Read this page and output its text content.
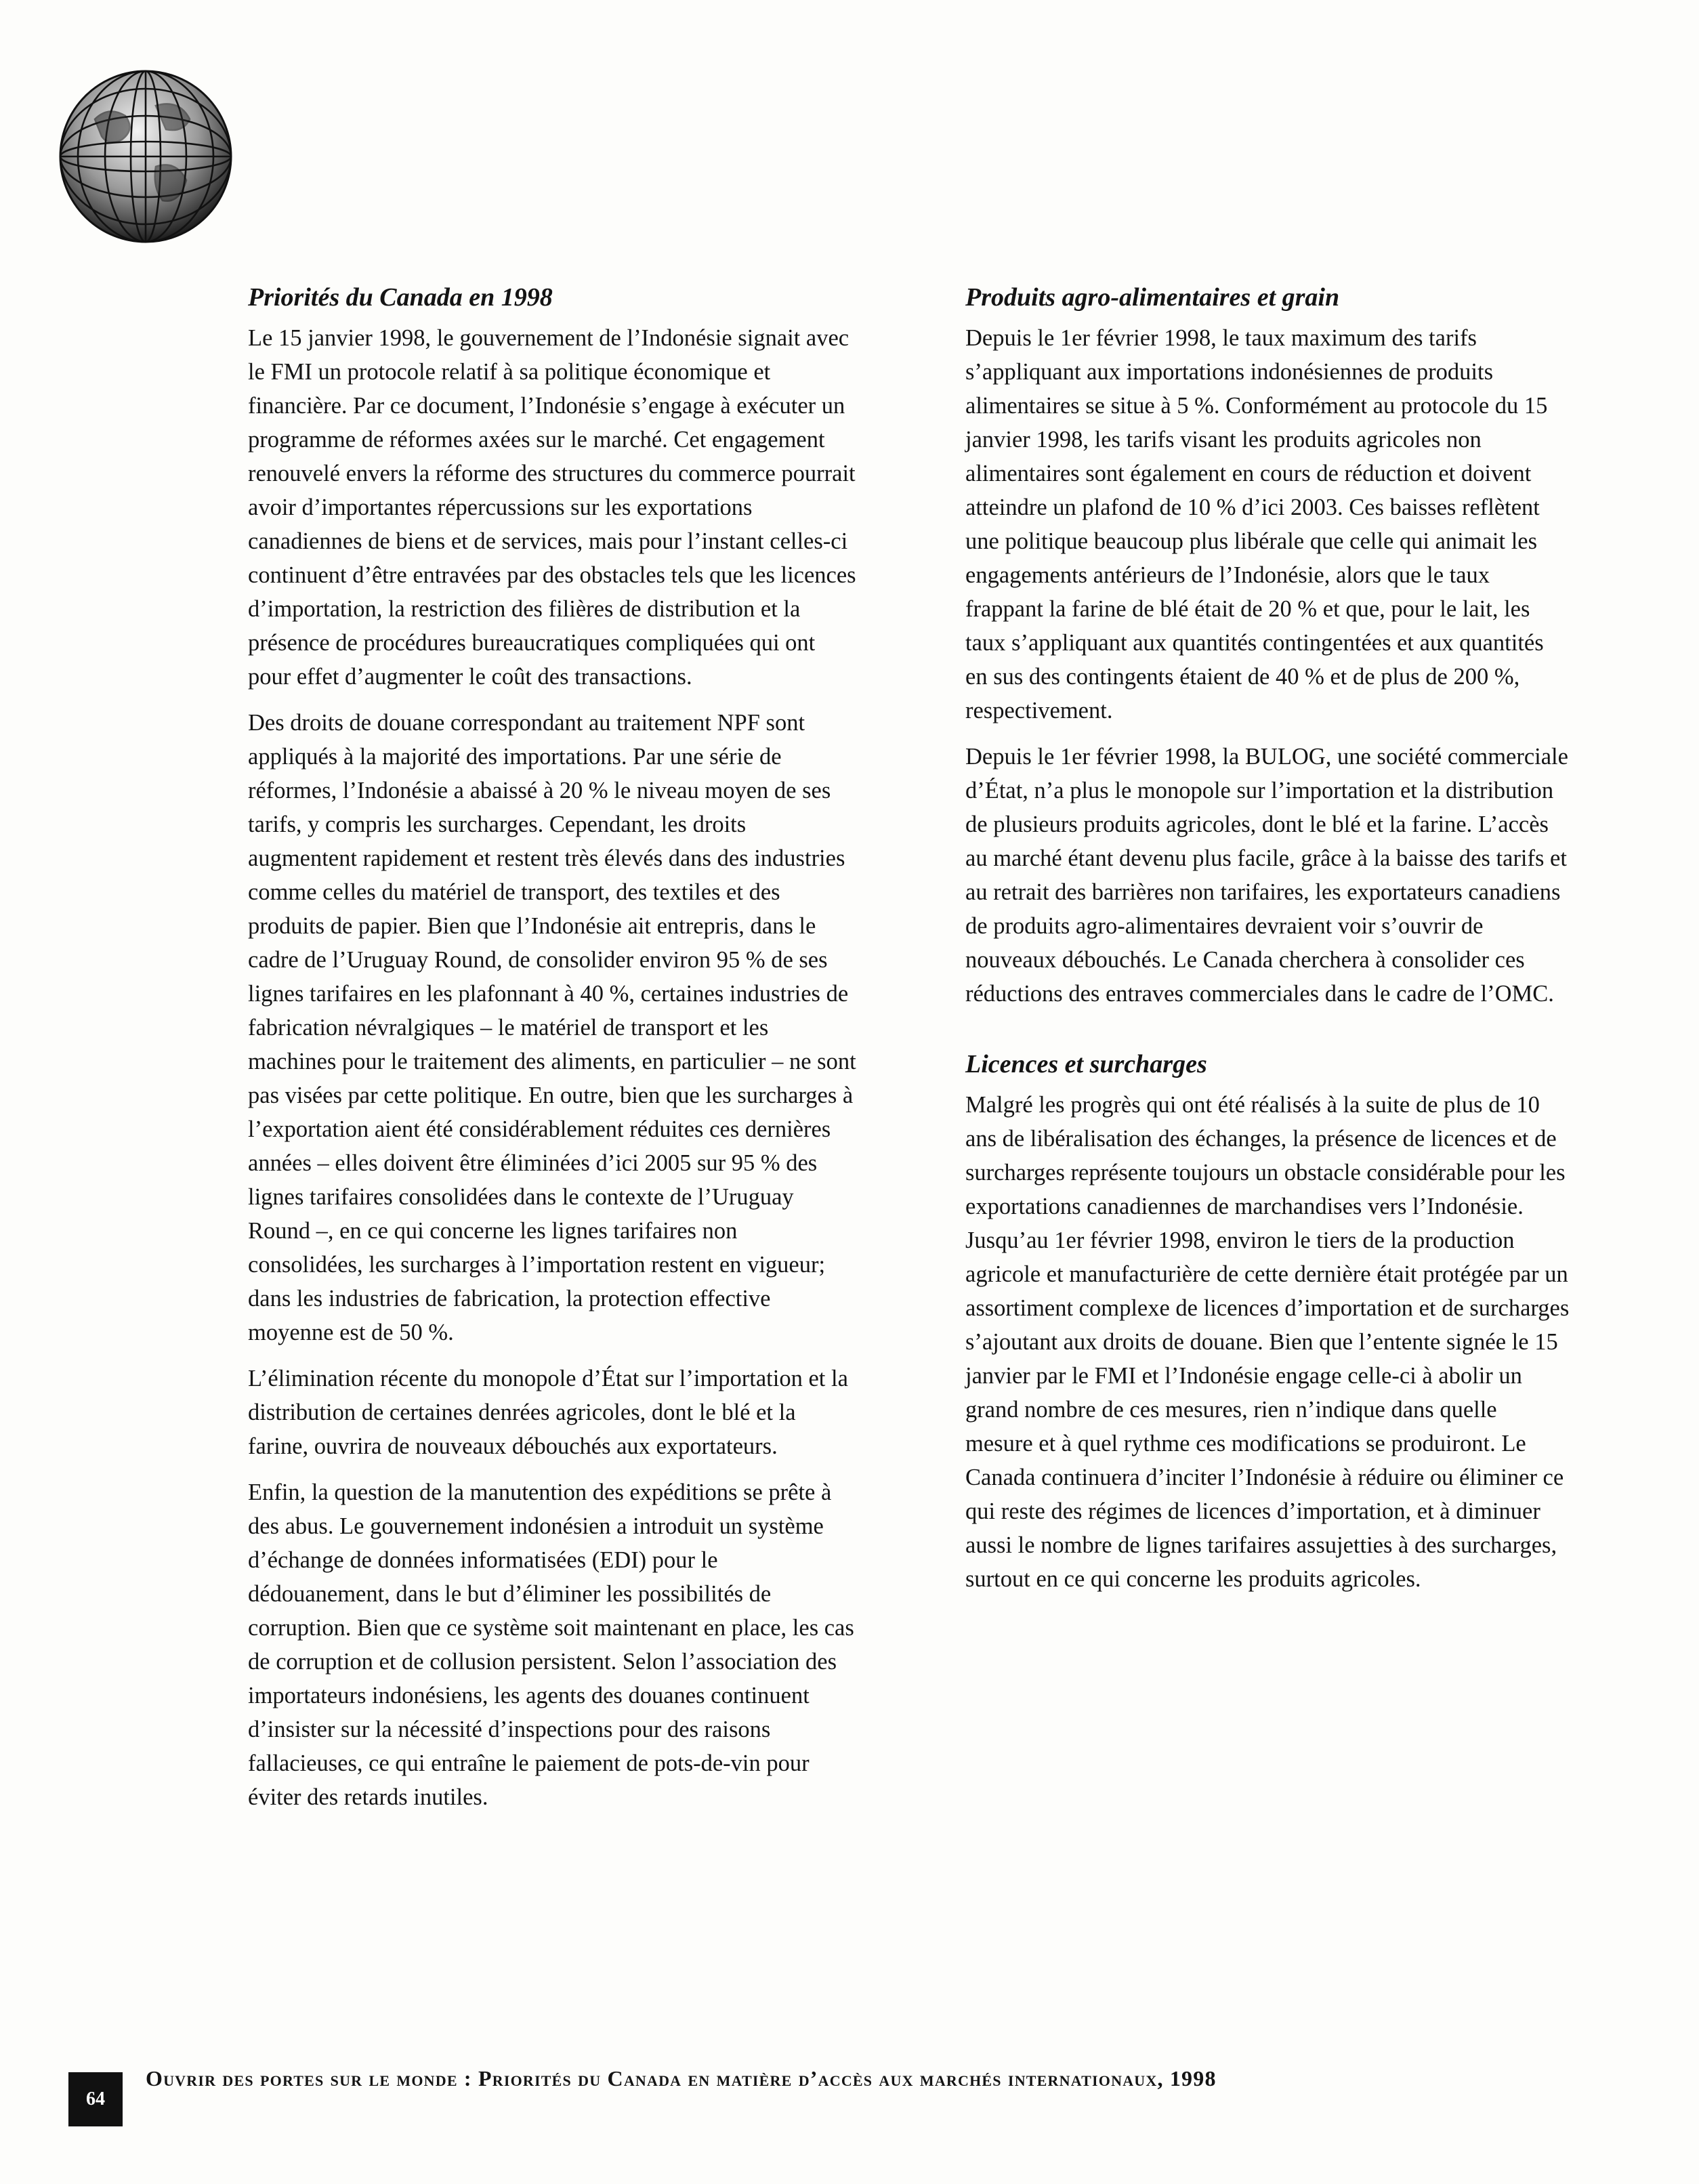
Priorités du Canada en 1998

Le 15 janvier 1998, le gouvernement de l’Indonésie signait avec le FMI un protocole relatif à sa politique économique et financière. Par ce document, l’Indonésie s’engage à exécuter un programme de réformes axées sur le marché. Cet engagement renouvelé envers la réforme des structures du commerce pourrait avoir d’importantes répercussions sur les exportations canadiennes de biens et de services, mais pour l’instant celles-ci continuent d’être entravées par des obstacles tels que les licences d’importation, la restriction des filières de distribution et la présence de procédures bureaucratiques compliquées qui ont pour effet d’augmenter le coût des transactions.

Des droits de douane correspondant au traitement NPF sont appliqués à la majorité des importations. Par une série de réformes, l’Indonésie a abaissé à 20 % le niveau moyen de ses tarifs, y compris les surcharges. Cependant, les droits augmentent rapidement et restent très élevés dans des industries comme celles du matériel de transport, des textiles et des produits de papier. Bien que l’Indonésie ait entrepris, dans le cadre de l’Uruguay Round, de consolider environ 95 % de ses lignes tarifaires en les plafonnant à 40 %, certaines industries de fabrication névralgiques – le matériel de transport et les machines pour le traitement des aliments, en particulier – ne sont pas visées par cette politique. En outre, bien que les surcharges à l’exportation aient été considérablement réduites ces dernières années – elles doivent être éliminées d’ici 2005 sur 95 % des lignes tarifaires consolidées dans le contexte de l’Uruguay Round –, en ce qui concerne les lignes tarifaires non consolidées, les surcharges à l’importation restent en vigueur; dans les industries de fabrication, la protection effective moyenne est de 50 %.

L’élimination récente du monopole d’État sur l’importation et la distribution de certaines denrées agricoles, dont le blé et la farine, ouvrira de nouveaux débouchés aux exportateurs.

Enfin, la question de la manutention des expéditions se prête à des abus. Le gouvernement indonésien a introduit un système d’échange de données informatisées (EDI) pour le dédouanement, dans le but d’éliminer les possibilités de corruption. Bien que ce système soit maintenant en place, les cas de corruption et de collusion persistent. Selon l’association des importateurs indonésiens, les agents des douanes continuent d’insister sur la nécessité d’inspections pour des raisons fallacieuses, ce qui entraîne le paiement de pots-de-vin pour éviter des retards inutiles.

Produits agro-alimentaires et grain

Depuis le 1er février 1998, le taux maximum des tarifs s’appliquant aux importations indonésiennes de produits alimentaires se situe à 5 %. Conformément au protocole du 15 janvier 1998, les tarifs visant les produits agricoles non alimentaires sont également en cours de réduction et doivent atteindre un plafond de 10 % d’ici 2003. Ces baisses reflètent une politique beaucoup plus libérale que celle qui animait les engagements antérieurs de l’Indonésie, alors que le taux frappant la farine de blé était de 20 % et que, pour le lait, les taux s’appliquant aux quantités contingentées et aux quantités en sus des contingents étaient de 40 % et de plus de 200 %, respectivement.

Depuis le 1er février 1998, la BULOG, une société commerciale d’État, n’a plus le monopole sur l’importation et la distribution de plusieurs produits agricoles, dont le blé et la farine. L’accès au marché étant devenu plus facile, grâce à la baisse des tarifs et au retrait des barrières non tarifaires, les exportateurs canadiens de produits agro-alimentaires devraient voir s’ouvrir de nouveaux débouchés. Le Canada cherchera à consolider ces réductions des entraves commerciales dans le cadre de l’OMC.

Licences et surcharges

Malgré les progrès qui ont été réalisés à la suite de plus de 10 ans de libéralisation des échanges, la présence de licences et de surcharges représente toujours un obstacle considérable pour les exportations canadiennes de marchandises vers l’Indonésie. Jusqu’au 1er février 1998, environ le tiers de la production agricole et manufacturière de cette dernière était protégée par un assortiment complexe de licences d’importation et de surcharges s’ajoutant aux droits de douane. Bien que l’entente signée le 15 janvier par le FMI et l’Indonésie engage celle-ci à abolir un grand nombre de ces mesures, rien n’indique dans quelle mesure et à quel rythme ces modifications se produiront. Le Canada continuera d’inciter l’Indonésie à réduire ou éliminer ce qui reste des régimes de licences d’importation, et à diminuer aussi le nombre de lignes tarifaires assujetties à des surcharges, surtout en ce qui concerne les produits agricoles.

64
Ouvrir des portes sur le monde : Priorités du Canada en matière d’accès aux marchés internationaux, 1998
